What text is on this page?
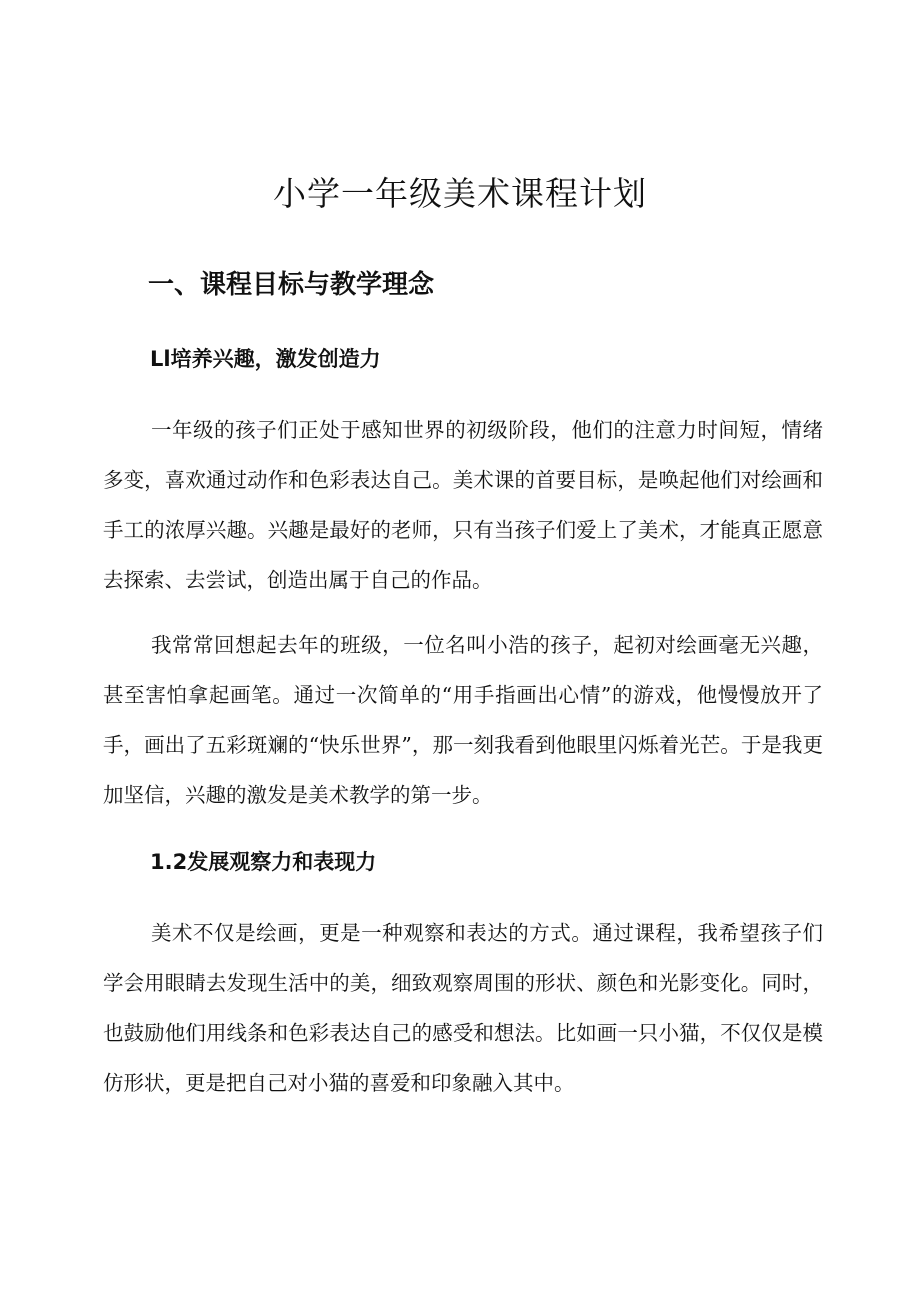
小学一年级美术课程计划
一、课程目标与教学理念
Ll培养兴趣，激发创造力

一年级的孩子们正处于感知世界的初级阶段，他们的注意力时间短，情绪多变，喜欢通过动作和色彩表达自己。美术课的首要目标，是唤起他们对绘画和手工的浓厚兴趣。兴趣是最好的老师，只有当孩子们爱上了美术，才能真正愿意去探索、去尝试，创造出属于自己的作品。

我常常回想起去年的班级，一位名叫小浩的孩子，起初对绘画毫无兴趣，甚至害怕拿起画笔。通过一次简单的“用手指画出心情”的游戏，他慢慢放开了手，画出了五彩斑斓的“快乐世界”，那一刻我看到他眼里闪烁着光芒。于是我更加坚信，兴趣的激发是美术教学的第一步。

1.2发展观察力和表现力

美术不仅是绘画，更是一种观察和表达的方式。通过课程，我希望孩子们学会用眼睛去发现生活中的美，细致观察周围的形状、颜色和光影变化。同时，也鼓励他们用线条和色彩表达自己的感受和想法。比如画一只小猫，不仅仅是模仿形状，更是把自己对小猫的喜爱和印象融入其中。
